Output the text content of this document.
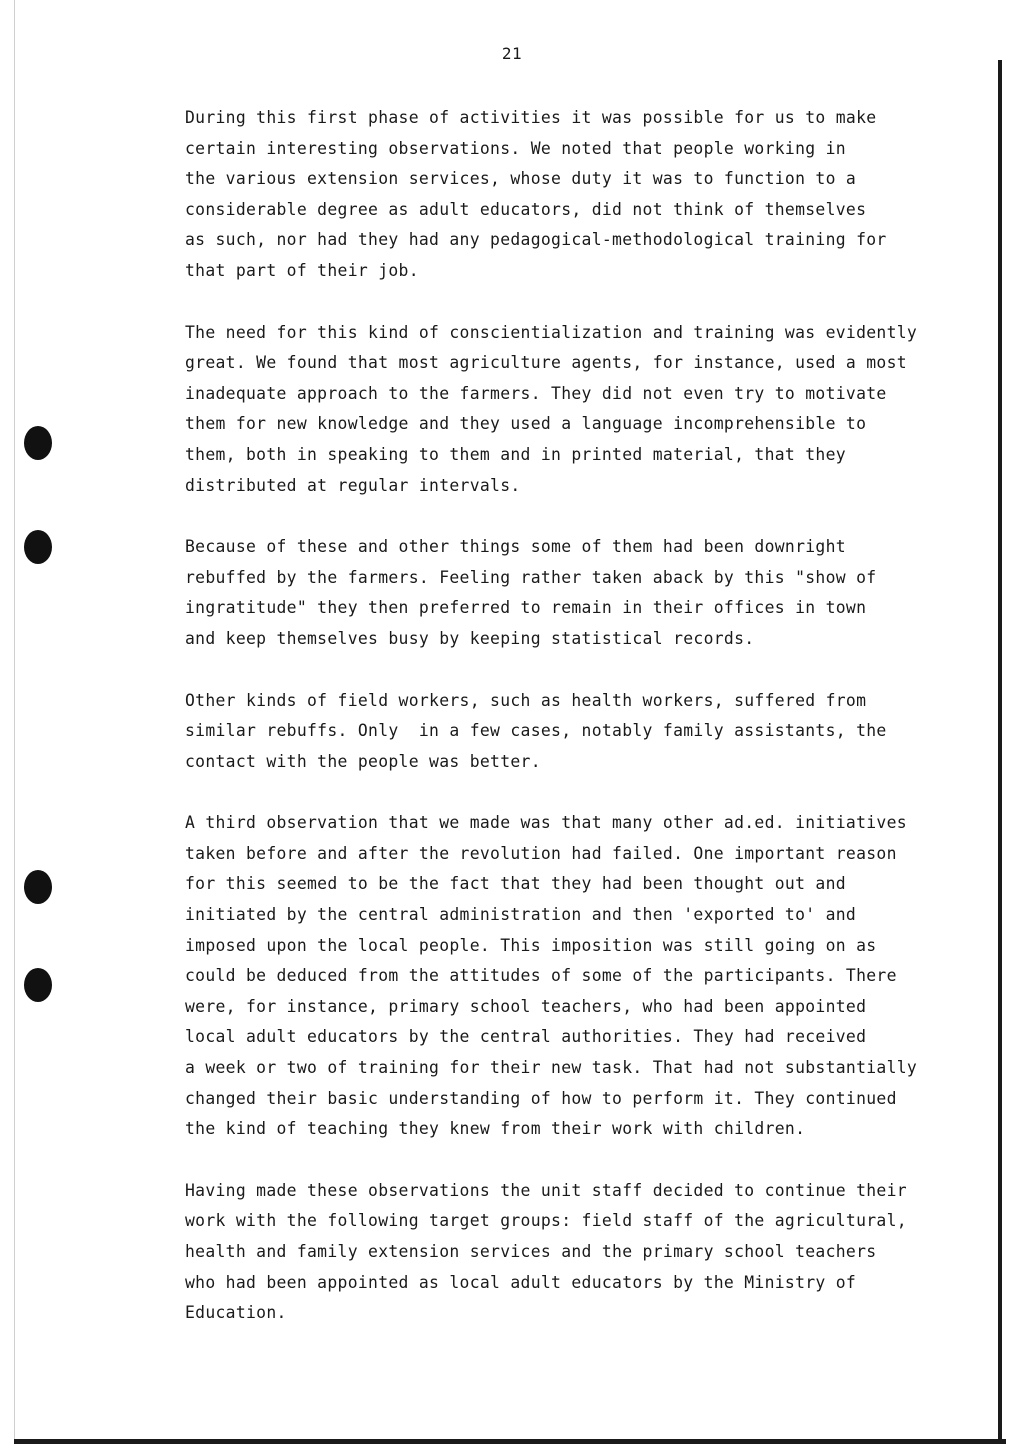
21
During this first phase of activities it was possible for us to make
certain interesting observations. We noted that people working in
the various extension services, whose duty it was to function to a
considerable degree as adult educators, did not think of themselves
as such, nor had they had any pedagogical-methodological training for
that part of their job.
The need for this kind of conscientialization and training was evidently
great. We found that most agriculture agents, for instance, used a most
inadequate approach to the farmers. They did not even try to motivate
them for new knowledge and they used a language incomprehensible to
them, both in speaking to them and in printed material, that they
distributed at regular intervals.
Because of these and other things some of them had been downright
rebuffed by the farmers. Feeling rather taken aback by this "show of
ingratitude" they then preferred to remain in their offices in town
and keep themselves busy by keeping statistical records.
Other kinds of field workers, such as health workers, suffered from
similar rebuffs. Only  in a few cases, notably family assistants, the
contact with the people was better.
A third observation that we made was that many other ad.ed. initiatives
taken before and after the revolution had failed. One important reason
for this seemed to be the fact that they had been thought out and
initiated by the central administration and then 'exported to' and
imposed upon the local people. This imposition was still going on as
could be deduced from the attitudes of some of the participants. There
were, for instance, primary school teachers, who had been appointed
local adult educators by the central authorities. They had received
a week or two of training for their new task. That had not substantially
changed their basic understanding of how to perform it. They continued
the kind of teaching they knew from their work with children.
Having made these observations the unit staff decided to continue their
work with the following target groups: field staff of the agricultural,
health and family extension services and the primary school teachers
who had been appointed as local adult educators by the Ministry of
Education.
